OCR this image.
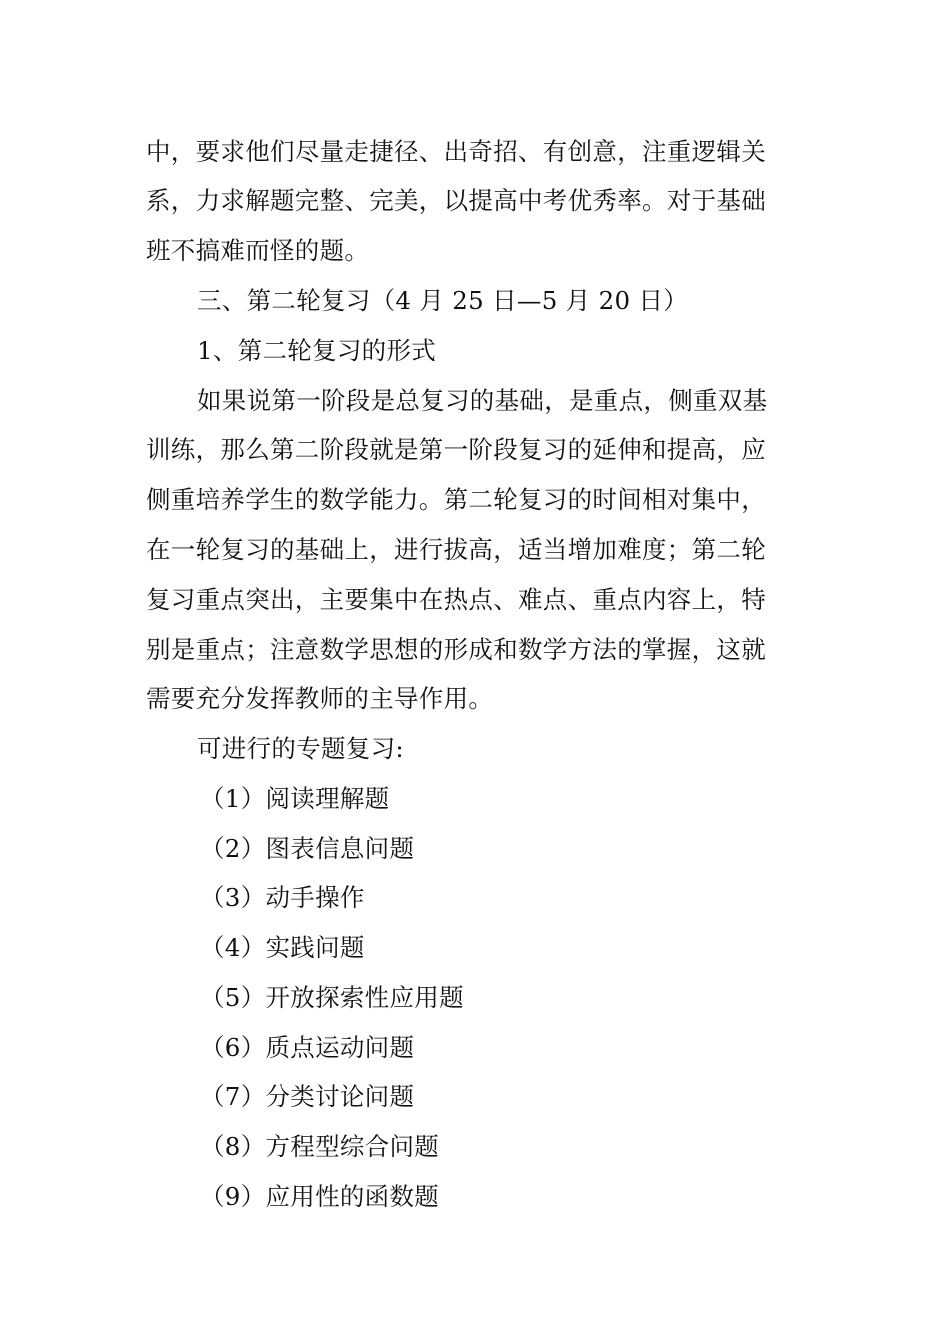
中，要求他们尽量走捷径、出奇招、有创意，注重逻辑关
系，力求解题完整、完美，以提高中考优秀率。对于基础
班不搞难而怪的题。
三、第二轮复习（4 月 25 日—5 月 20 日）
1、第二轮复习的形式
如果说第一阶段是总复习的基础，是重点，侧重双基
训练，那么第二阶段就是第一阶段复习的延伸和提高，应
侧重培养学生的数学能力。第二轮复习的时间相对集中，
在一轮复习的基础上，进行拔高，适当增加难度；第二轮
复习重点突出，主要集中在热点、难点、重点内容上，特
别是重点；注意数学思想的形成和数学方法的掌握，这就
需要充分发挥教师的主导作用。
可进行的专题复习:
（1）阅读理解题
（2）图表信息问题
（3）动手操作
（4）实践问题
（5）开放探索性应用题
（6）质点运动问题
（7）分类讨论问题
（8）方程型综合问题
（9）应用性的函数题
